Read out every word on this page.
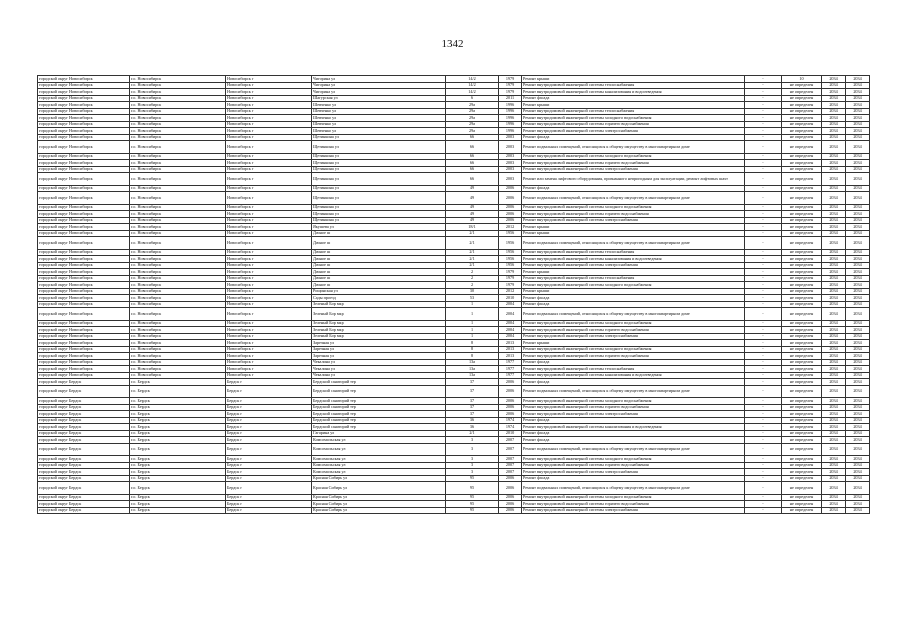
1342
городской округ Новосибирск	г.о. Новосибирск	Новосибирск г	Чигорина ул	14/2	1979	Ремонт крыши	-	10	2034	2034
городской округ Новосибирск	г.о. Новосибирск	Новосибирск г	Чигорина ул	14/2	1979	Ремонт внутридомовой инженерной системы теплоснабжения	-	не определен	2034	2034
городской округ Новосибирск	г.о. Новосибирск	Новосибирск г	Чигорина ул	14/2	1979	Ремонт внутридомовой инженерной системы канализования и водоотведения	-	не определен	2034	2034
городской округ Новосибирск	г.о. Новосибирск	Новосибирск г	Шагурская ул	6	2011	Ремонт фасада	-	не определен	2034	2034
городской округ Новосибирск	г.о. Новосибирск	Новосибирск г	Шевченко ул	29а	1996	Ремонт крыши	-	не определен	2034	2034
городской округ Новосибирск	г.о. Новосибирск	Новосибирск г	Шевченко ул	29а	1996	Ремонт внутридомовой инженерной системы теплоснабжения	-	не определен	2034	2034
городской округ Новосибирск	г.о. Новосибирск	Новосибирск г	Шевченко ул	29а	1996	Ремонт внутридомовой инженерной системы холодного водоснабжения	-	не определен	2034	2034
городской округ Новосибирск	г.о. Новосибирск	Новосибирск г	Шевченко ул	29а	1996	Ремонт внутридомовой инженерной системы горячего водоснабжения	-	не определен	2034	2034
городской округ Новосибирск	г.о. Новосибирск	Новосибирск г	Шевченко ул	29а	1996	Ремонт внутридомовой инженерной системы электроснабжения	-	не определен	2034	2034
городской округ Новосибирск	г.о. Новосибирск	Новосибирск г	Щетинкина ул	66	2003	Ремонт фасада	-	не определен	2034	2034
городской округ Новосибирск	г.о. Новосибирск	Новосибирск г	Щетинкина ул	66	2003	Ремонт подвальных помещений, относящихся к общему имуществу в многоквартирном доме	-	не определен	2034	2034
городской округ Новосибирск	г.о. Новосибирск	Новосибирск г	Щетинкина ул	66	2003	Ремонт внутридомовой инженерной системы холодного водоснабжения	-	не определен	2034	2034
городской округ Новосибирск	г.о. Новосибирск	Новосибирск г	Щетинкина ул	66	2003	Ремонт внутридомовой инженерной системы горячего водоснабжения	-	не определен	2034	2034
городской округ Новосибирск	г.о. Новосибирск	Новосибирск г	Щетинкина ул	66	2003	Ремонт внутридомовой инженерной системы электроснабжения	-	не определен	2034	2034
городской округ Новосибирск	г.о. Новосибирск	Новосибирск г	Щетинкина ул	66	2003	Ремонт или замена лифтового оборудования, признанного непригодным для эксплуатации, ремонт лифтовых шахт	-	не определен	2034	2034
городской округ Новосибирск	г.о. Новосибирск	Новосибирск г	Щетинкина ул	49	2006	Ремонт фасада	-	не определен	2034	2034
городской округ Новосибирск	г.о. Новосибирск	Новосибирск г	Щетинкина ул	49	2006	Ремонт подвальных помещений, относящихся к общему имуществу в многоквартирном доме	-	не определен	2034	2034
городской округ Новосибирск	г.о. Новосибирск	Новосибирск г	Щетинкина ул	49	2006	Ремонт внутридомовой инженерной системы холодного водоснабжения	-	не определен	2034	2034
городской округ Новосибирск	г.о. Новосибирск	Новосибирск г	Щетинкина ул	49	2006	Ремонт внутридомовой инженерной системы горячего водоснабжения	-	не определен	2034	2034
городской округ Новосибирск	г.о. Новосибирск	Новосибирск г	Щетинкина ул	49	2006	Ремонт внутридомовой инженерной системы электроснабжения	-	не определен	2034	2034
городской округ Новосибирск	г.о. Новосибирск	Новосибирск г	Якушева ул	18/1	2012	Ремонт крыши	-	не определен	2034	2034
городской округ Новосибирск	г.о. Новосибирск	Новосибирск г	Дачное ш	2/1	1956	Ремонт крыши	-	не определен	2034	2034
городской округ Новосибирск	г.о. Новосибирск	Новосибирск г	Дачное ш	2/1	1956	Ремонт подвальных помещений, относящихся к общему имуществу в многоквартирном доме	-	не определен	2034	2034
городской округ Новосибирск	г.о. Новосибирск	Новосибирск г	Дачное ш	2/1	1956	Ремонт внутридомовой инженерной системы теплоснабжения	-	не определен	2034	2034
городской округ Новосибирск	г.о. Новосибирск	Новосибирск г	Дачное ш	2/1	1956	Ремонт внутридомовой инженерной системы канализования и водоотведения	-	не определен	2034	2034
городской округ Новосибирск	г.о. Новосибирск	Новосибирск г	Дачное ш	2/1	1956	Ремонт внутридомовой инженерной системы электроснабжения	-	не определен	2034	2034
городской округ Новосибирск	г.о. Новосибирск	Новосибирск г	Дачное ш	2	1979	Ремонт крыши	-	не определен	2034	2034
городской округ Новосибирск	г.о. Новосибирск	Новосибирск г	Дачное ш	2	1979	Ремонт внутридомовой инженерной системы теплоснабжения	-	не определен	2034	2034
городской округ Новосибирск	г.о. Новосибирск	Новосибирск г	Дачное ш	2	1979	Ремонт внутридомовой инженерной системы холодного водоснабжения	-	не определен	2034	2034
городской округ Новосибирск	г.о. Новосибирск	Новосибирск г	Рощинская ул	30	2012	Ремонт крыши	-	не определен	2034	2034
городской округ Новосибирск	г.о. Новосибирск	Новосибирск г	Сады проезд	53	2010	Ремонт фасада	-	не определен	2034	2034
городской округ Новосибирск	г.о. Новосибирск	Новосибирск г	Зеленый Бор мкр	1	2004	Ремонт фасада	-	не определен	2034	2034
городской округ Новосибирск	г.о. Новосибирск	Новосибирск г	Зеленый Бор мкр	1	2004	Ремонт подвальных помещений, относящихся к общему имуществу в многоквартирном доме	-	не определен	2034	2034
городской округ Новосибирск	г.о. Новосибирск	Новосибирск г	Зеленый Бор мкр	1	2004	Ремонт внутридомовой инженерной системы холодного водоснабжения	-	не определен	2034	2034
городской округ Новосибирск	г.о. Новосибирск	Новосибирск г	Зеленый Бор мкр	1	2004	Ремонт внутридомовой инженерной системы горячего водоснабжения	-	не определен	2034	2034
городской округ Новосибирск	г.о. Новосибирск	Новосибирск г	Зеленый Бор мкр	1	2004	Ремонт внутридомовой инженерной системы электроснабжения	-	не определен	2034	2034
городской округ Новосибирск	г.о. Новосибирск	Новосибирск г	Заречная ул	8	2013	Ремонт крыши	-	не определен	2034	2034
городской округ Новосибирск	г.о. Новосибирск	Новосибирск г	Заречная ул	8	2013	Ремонт внутридомовой инженерной системы холодного водоснабжения	-	не определен	2034	2034
городской округ Новосибирск	г.о. Новосибирск	Новосибирск г	Заречная ул	8	2013	Ремонт внутридомовой инженерной системы горячего водоснабжения	-	не определен	2034	2034
городской округ Новосибирск	г.о. Новосибирск	Новосибирск г	Чекалина ул	13а	1977	Ремонт фасада	-	не определен	2034	2034
городской округ Новосибирск	г.о. Новосибирск	Новосибирск г	Чекалина ул	13а	1977	Ремонт внутридомовой инженерной системы теплоснабжения	-	не определен	2034	2034
городской округ Новосибирск	г.о. Новосибирск	Новосибирск г	Чекалина ул	13а	1977	Ремонт внутридомовой инженерной системы канализования и водоотведения	-	не определен	2034	2034
городской округ Бердск	г.о. Бердск	Бердск г	Бердский санаторий тер	37	2006	Ремонт фасада	-	не определен	2034	2034
городской округ Бердск	г.о. Бердск	Бердск г	Бердский санаторий тер	37	2006	Ремонт подвальных помещений, относящихся к общему имуществу в многоквартирном доме	-	не определен	2034	2034
городской округ Бердск	г.о. Бердск	Бердск г	Бердский санаторий тер	37	2006	Ремонт внутридомовой инженерной системы холодного водоснабжения	-	не определен	2034	2034
городской округ Бердск	г.о. Бердск	Бердск г	Бердский санаторий тер	37	2006	Ремонт внутридомовой инженерной системы горячего водоснабжения	-	не определен	2034	2034
городской округ Бердск	г.о. Бердск	Бердск г	Бердский санаторий тер	37	2006	Ремонт внутридомовой инженерной системы электроснабжения	-	не определен	2034	2034
городской округ Бердск	г.о. Бердск	Бердск г	Бердский санаторий тер	36	1974	Ремонт фасада	-	не определен	2034	2034
городской округ Бердск	г.о. Бердск	Бердск г	Бердский санаторий тер	36	1974	Ремонт внутридомовой инженерной системы канализования и водоотведения	-	не определен	2034	2034
городской округ Бердск	г.о. Бердск	Бердск г	Гагарина ул	2/1	2010	Ремонт фасада	-	не определен	2034	2034
городской округ Бердск	г.о. Бердск	Бердск г	Комсомольская ул	3	2007	Ремонт фасада	-	не определен	2034	2034
городской округ Бердск	г.о. Бердск	Бердск г	Комсомольская ул	3	2007	Ремонт подвальных помещений, относящихся к общему имуществу в многоквартирном доме	-	не определен	2034	2034
городской округ Бердск	г.о. Бердск	Бердск г	Комсомольская ул	3	2007	Ремонт внутридомовой инженерной системы холодного водоснабжения	-	не определен	2034	2034
городской округ Бердск	г.о. Бердск	Бердск г	Комсомольская ул	3	2007	Ремонт внутридомовой инженерной системы горячего водоснабжения	-	не определен	2034	2034
городской округ Бердск	г.о. Бердск	Бердск г	Комсомольская ул	3	2007	Ремонт внутридомовой инженерной системы электроснабжения	-	не определен	2034	2034
городской округ Бердск	г.о. Бердск	Бердск г	Красная Сибирь ул	95	2006	Ремонт фасада	-	не определен	2034	2034
городской округ Бердск	г.о. Бердск	Бердск г	Красная Сибирь ул	95	2006	Ремонт подвальных помещений, относящихся к общему имуществу в многоквартирном доме	-	не определен	2034	2034
городской округ Бердск	г.о. Бердск	Бердск г	Красная Сибирь ул	95	2006	Ремонт внутридомовой инженерной системы холодного водоснабжения	-	не определен	2034	2034
городской округ Бердск	г.о. Бердск	Бердск г	Красная Сибирь ул	95	2006	Ремонт внутридомовой инженерной системы горячего водоснабжения	-	не определен	2034	2034
городской округ Бердск	г.о. Бердск	Бердск г	Красная Сибирь ул	95	2006	Ремонт внутридомовой инженерной системы электроснабжения	-	не определен	2034	2034
